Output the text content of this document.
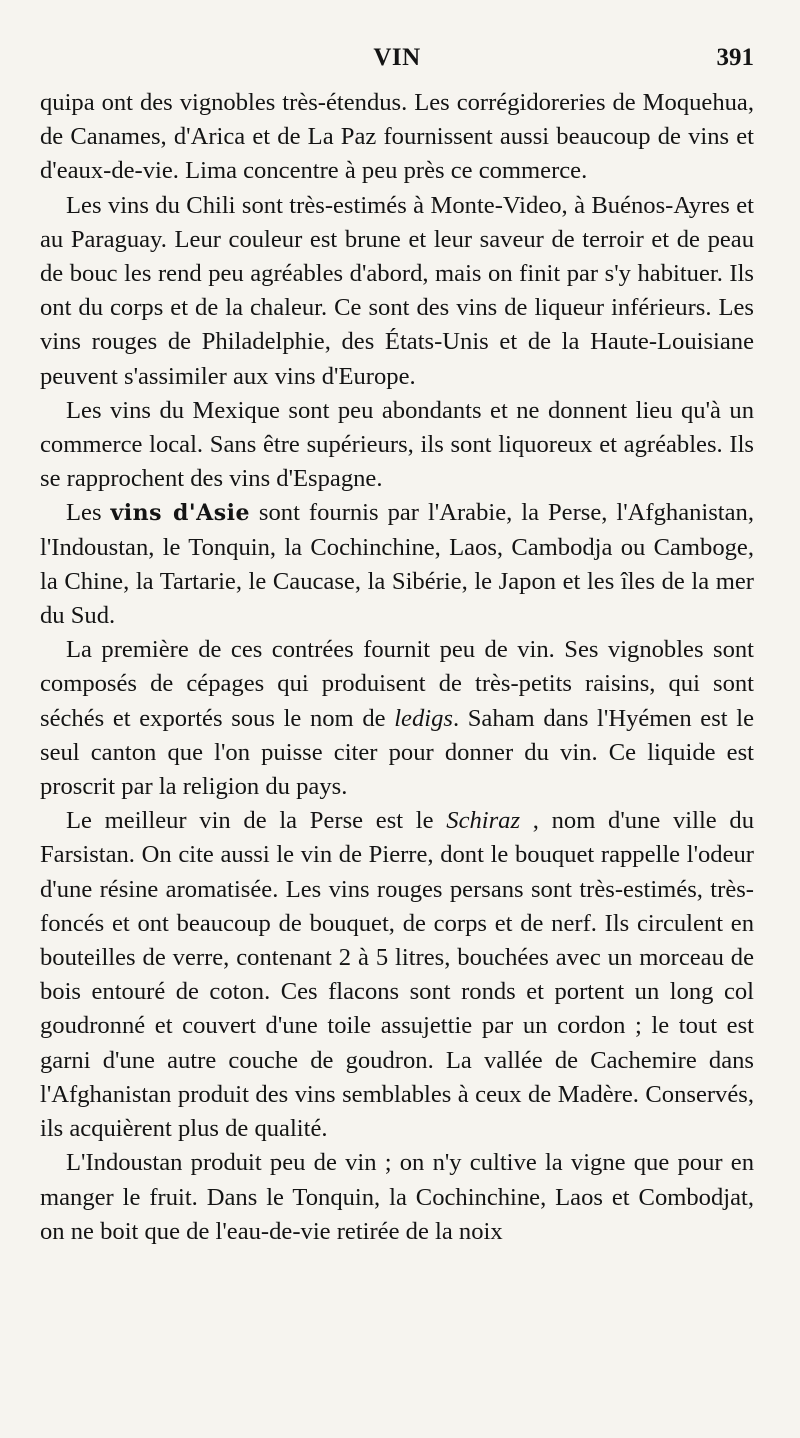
VIN	391

quipa ont des vignobles très-étendus. Les corrégidoreries de Moquehua, de Canames, d'Arica et de La Paz fournissent aussi beaucoup de vins et d'eaux-de-vie. Lima concentre à peu près ce commerce.

Les vins du Chili sont très-estimés à Monte-Video, à Buénos-Ayres et au Paraguay. Leur couleur est brune et leur saveur de terroir et de peau de bouc les rend peu agréables d'abord, mais on finit par s'y habituer. Ils ont du corps et de la chaleur. Ce sont des vins de liqueur inférieurs. Les vins rouges de Philadelphie, des États-Unis et de la Haute-Louisiane peuvent s'assimiler aux vins d'Europe.

Les vins du Mexique sont peu abondants et ne donnent lieu qu'à un commerce local. Sans être supérieurs, ils sont liquoreux et agréables. Ils se rapprochent des vins d'Espagne.

Les vins d'Asie sont fournis par l'Arabie, la Perse, l'Afghanistan, l'Indoustan, le Tonquin, la Cochinchine, Laos, Cambodja ou Camboge, la Chine, la Tartarie, le Caucase, la Sibérie, le Japon et les îles de la mer du Sud.

La première de ces contrées fournit peu de vin. Ses vignobles sont composés de cépages qui produisent de très-petits raisins, qui sont séchés et exportés sous le nom de ledigs. Saham dans l'Hyémen est le seul canton que l'on puisse citer pour donner du vin. Ce liquide est proscrit par la religion du pays.

Le meilleur vin de la Perse est le Schiraz , nom d'une ville du Farsistan. On cite aussi le vin de Pierre, dont le bouquet rappelle l'odeur d'une résine aromatisée. Les vins rouges persans sont très-estimés, très-foncés et ont beaucoup de bouquet, de corps et de nerf. Ils circulent en bouteilles de verre, contenant 2 à 5 litres, bouchées avec un morceau de bois entouré de coton. Ces flacons sont ronds et portent un long col goudronné et couvert d'une toile assujettie par un cordon ; le tout est garni d'une autre couche de goudron. La vallée de Cachemire dans l'Afghanistan produit des vins semblables à ceux de Madère. Conservés, ils acquièrent plus de qualité.

L'Indoustan produit peu de vin ; on n'y cultive la vigne que pour en manger le fruit. Dans le Tonquin, la Cochinchine, Laos et Combodjat, on ne boit que de l'eau-de-vie retirée de la noix
